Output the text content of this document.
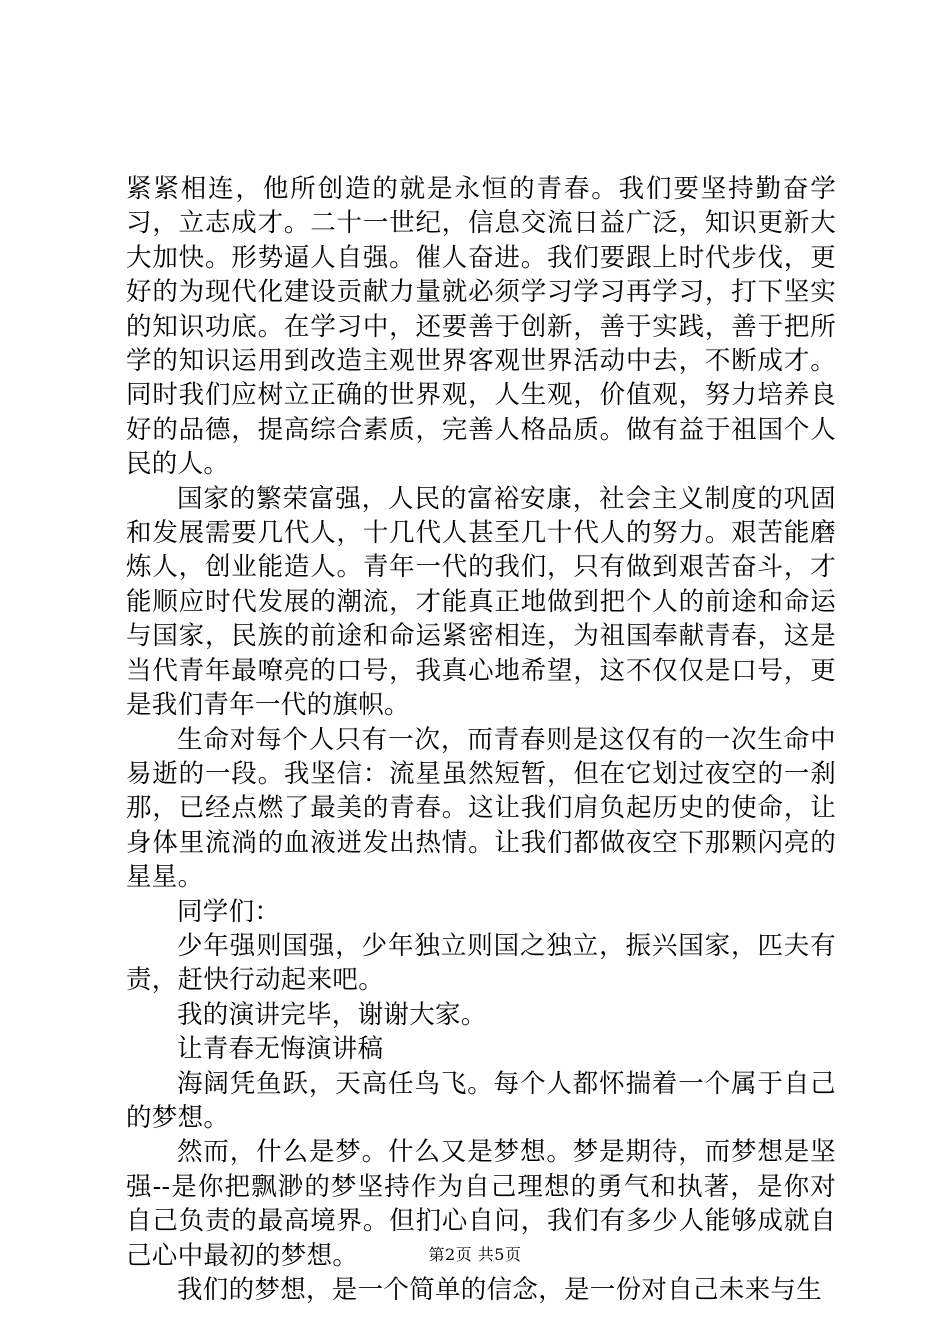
紧紧相连，他所创造的就是永恒的青春。我们要坚持勤奋学习，立志成才。二十一世纪，信息交流日益广泛，知识更新大大加快。形势逼人自强。催人奋进。我们要跟上时代步伐，更好的为现代化建设贡献力量就必须学习学习再学习，打下坚实的知识功底。在学习中，还要善于创新，善于实践，善于把所学的知识运用到改造主观世界客观世界活动中去，不断成才。同时我们应树立正确的世界观，人生观，价值观，努力培养良好的品德，提高综合素质，完善人格品质。做有益于祖国个人民的人。

国家的繁荣富强，人民的富裕安康，社会主义制度的巩固和发展需要几代人，十几代人甚至几十代人的努力。艰苦能磨炼人，创业能造人。青年一代的我们，只有做到艰苦奋斗，才能顺应时代发展的潮流，才能真正地做到把个人的前途和命运与国家，民族的前途和命运紧密相连，为祖国奉献青春，这是当代青年最嘹亮的口号，我真心地希望，这不仅仅是口号，更是我们青年一代的旗帜。

生命对每个人只有一次，而青春则是这仅有的一次生命中易逝的一段。我坚信：流星虽然短暂，但在它划过夜空的一刹那，已经点燃了最美的青春。这让我们肩负起历史的使命，让身体里流淌的血液迸发出热情。让我们都做夜空下那颗闪亮的星星。

同学们：

少年强则国强，少年独立则国之独立，振兴国家，匹夫有责，赶快行动起来吧。

我的演讲完毕，谢谢大家。

让青春无悔演讲稿

海阔凭鱼跃，天高任鸟飞。每个人都怀揣着一个属于自己的梦想。

然而，什么是梦。什么又是梦想。梦是期待，而梦想是坚强--是你把飘渺的梦坚持作为自己理想的勇气和执著，是你对自己负责的最高境界。但扪心自问，我们有多少人能够成就自己心中最初的梦想。

我们的梦想，是一个简单的信念，是一份对自己未来与生

第2页 共5页
